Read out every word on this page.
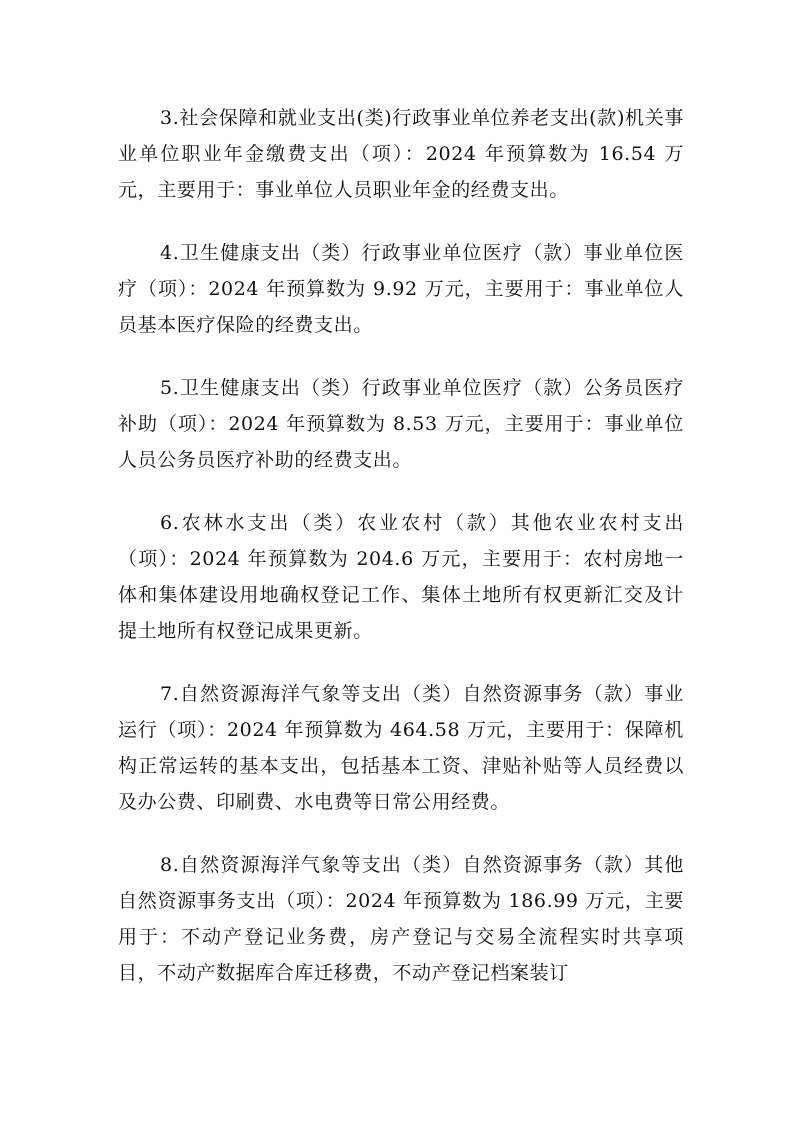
3.社会保障和就业支出(类)行政事业单位养老支出(款)机关事业单位职业年金缴费支出（项）：2024 年预算数为 16.54 万元，主要用于：事业单位人员职业年金的经费支出。

4.卫生健康支出（类）行政事业单位医疗（款）事业单位医疗（项）：2024 年预算数为 9.92 万元，主要用于：事业单位人员基本医疗保险的经费支出。

5.卫生健康支出（类）行政事业单位医疗（款）公务员医疗补助（项）：2024 年预算数为 8.53 万元，主要用于：事业单位人员公务员医疗补助的经费支出。

6.农林水支出（类）农业农村（款）其他农业农村支出（项）：2024 年预算数为 204.6 万元，主要用于：农村房地一体和集体建设用地确权登记工作、集体土地所有权更新汇交及计提土地所有权登记成果更新。

7.自然资源海洋气象等支出（类）自然资源事务（款）事业运行（项）：2024 年预算数为 464.58 万元，主要用于：保障机构正常运转的基本支出，包括基本工资、津贴补贴等人员经费以及办公费、印刷费、水电费等日常公用经费。

8.自然资源海洋气象等支出（类）自然资源事务（款）其他自然资源事务支出（项）：2024 年预算数为 186.99 万元，主要用于：不动产登记业务费，房产登记与交易全流程实时共享项目，不动产数据库合库迁移费，不动产登记档案装订
